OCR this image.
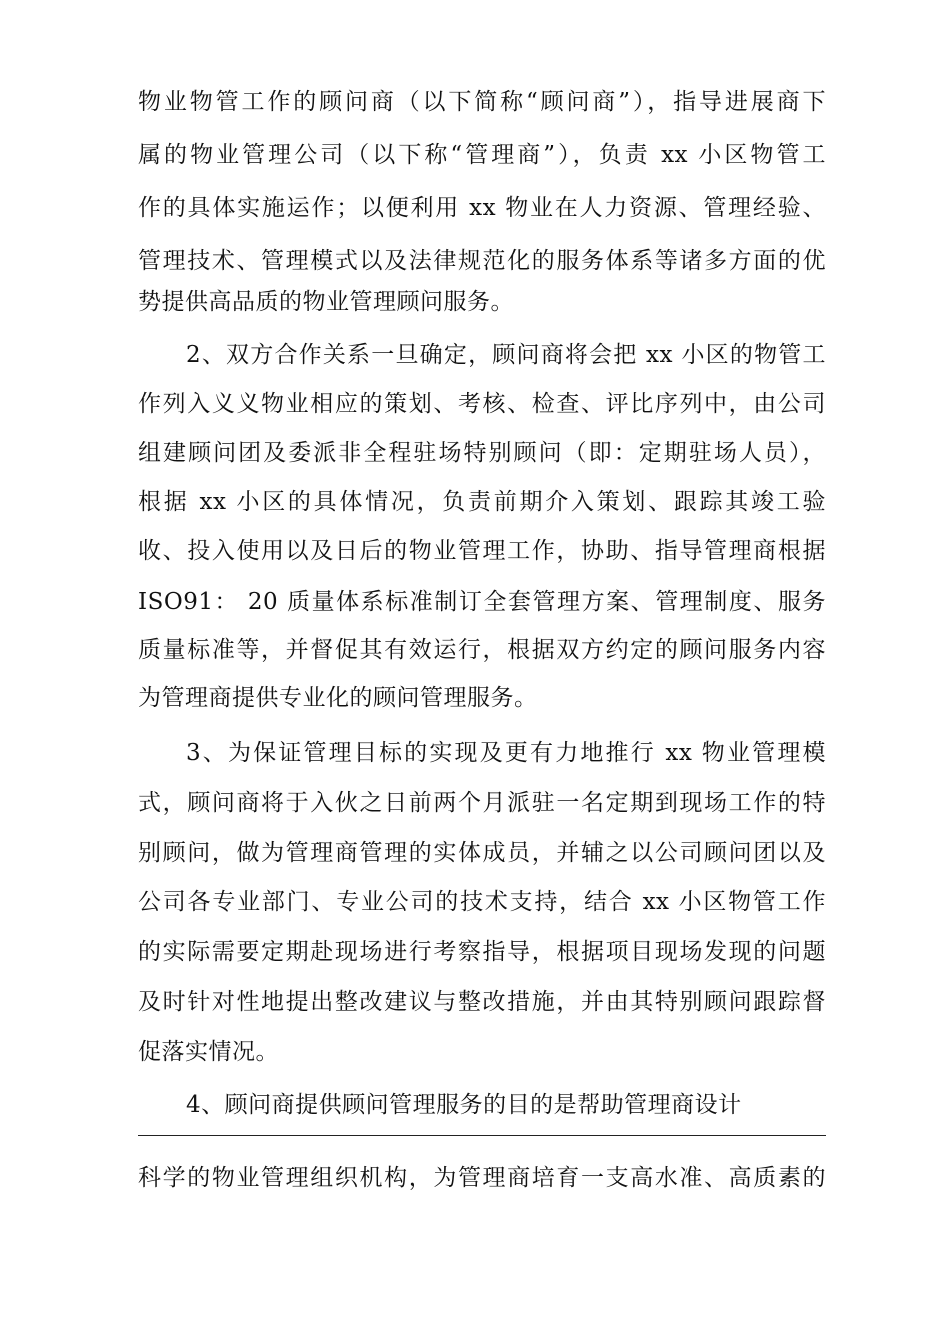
物业物管工作的顾问商（以下简称“顾问商”），指导进展商下
属的物业管理公司（以下称“管理商”），负责 xx 小区物管工
作的具体实施运作；以便利用 xx 物业在人力资源、管理经验、
管理技术、管理模式以及法律规范化的服务体系等诸多方面的优
势提供高品质的物业管理顾问服务。
2、双方合作关系一旦确定，顾问商将会把 xx 小区的物管工
作列入义义物业相应的策划、考核、检查、评比序列中，由公司
组建顾问团及委派非全程驻场特别顾问（即：定期驻场人员），
根据 xx 小区的具体情况，负责前期介入策划、跟踪其竣工验
收、投入使用以及日后的物业管理工作，协助、指导管理商根据
ISO91： 20 质量体系标准制订全套管理方案、管理制度、服务
质量标准等，并督促其有效运行，根据双方约定的顾问服务内容
为管理商提供专业化的顾问管理服务。
3、为保证管理目标的实现及更有力地推行 xx 物业管理模
式，顾问商将于入伙之日前两个月派驻一名定期到现场工作的特
别顾问，做为管理商管理的实体成员，并辅之以公司顾问团以及
公司各专业部门、专业公司的技术支持，结合 xx 小区物管工作
的实际需要定期赴现场进行考察指导，根据项目现场发现的问题
及时针对性地提出整改建议与整改措施，并由其特别顾问跟踪督
促落实情况。
4、顾问商提供顾问管理服务的目的是帮助管理商设计
科学的物业管理组织机构，为管理商培育一支高水准、高质素的
